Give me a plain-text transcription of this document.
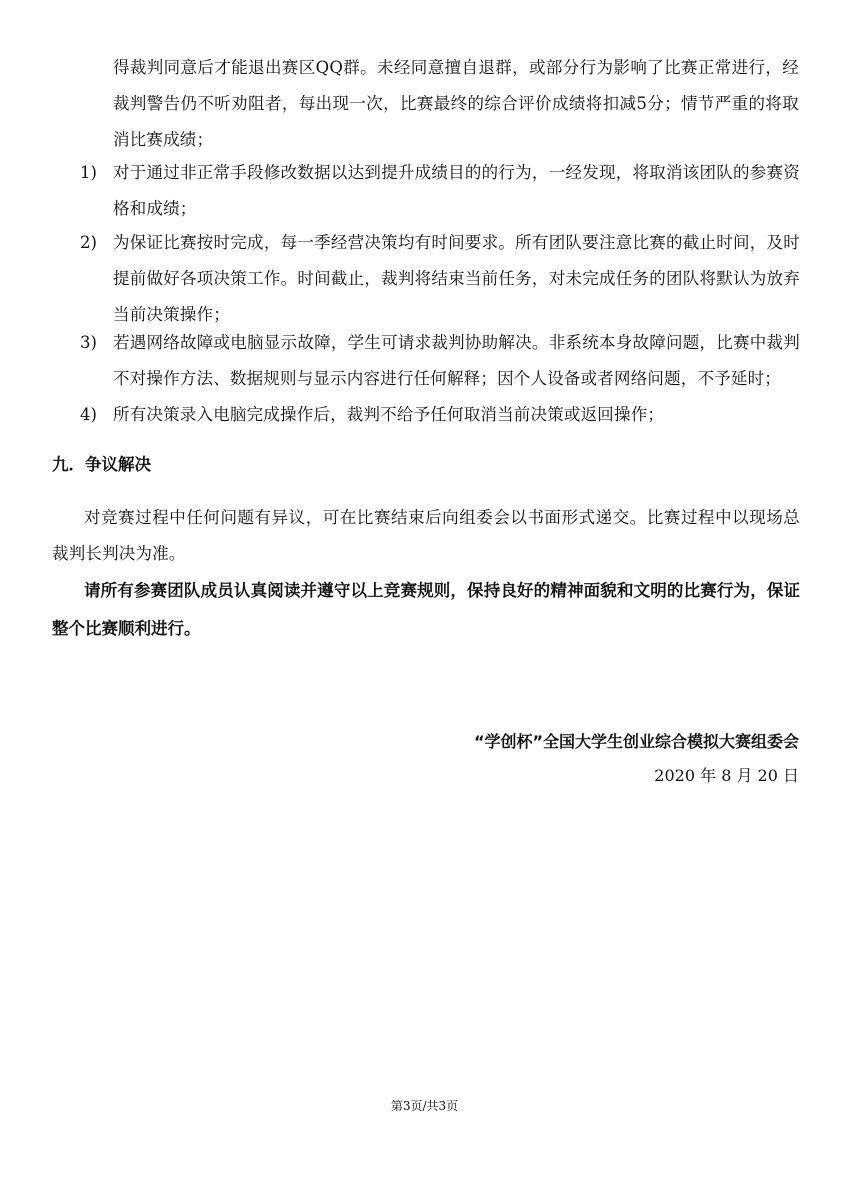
得裁判同意后才能退出赛区QQ群。未经同意擅自退群，或部分行为影响了比赛正常进行，经裁判警告仍不听劝阻者，每出现一次，比赛最终的综合评价成绩将扣减5分；情节严重的将取消比赛成绩；
1) 对于通过非正常手段修改数据以达到提升成绩目的的行为，一经发现，将取消该团队的参赛资格和成绩；
2) 为保证比赛按时完成，每一季经营决策均有时间要求。所有团队要注意比赛的截止时间，及时提前做好各项决策工作。时间截止，裁判将结束当前任务，对未完成任务的团队将默认为放弃当前决策操作；
3) 若遇网络故障或电脑显示故障，学生可请求裁判协助解决。非系统本身故障问题，比赛中裁判不对操作方法、数据规则与显示内容进行任何解释；因个人设备或者网络问题，不予延时；
4) 所有决策录入电脑完成操作后，裁判不给予任何取消当前决策或返回操作；
九．争议解决
对竞赛过程中任何问题有异议，可在比赛结束后向组委会以书面形式递交。比赛过程中以现场总裁判长判决为准。
请所有参赛团队成员认真阅读并遵守以上竞赛规则，保持良好的精神面貌和文明的比赛行为，保证整个比赛顺利进行。
“学创杯”全国大学生创业综合模拟大赛组委会
2020 年 8 月 20 日
第3页/共3页
